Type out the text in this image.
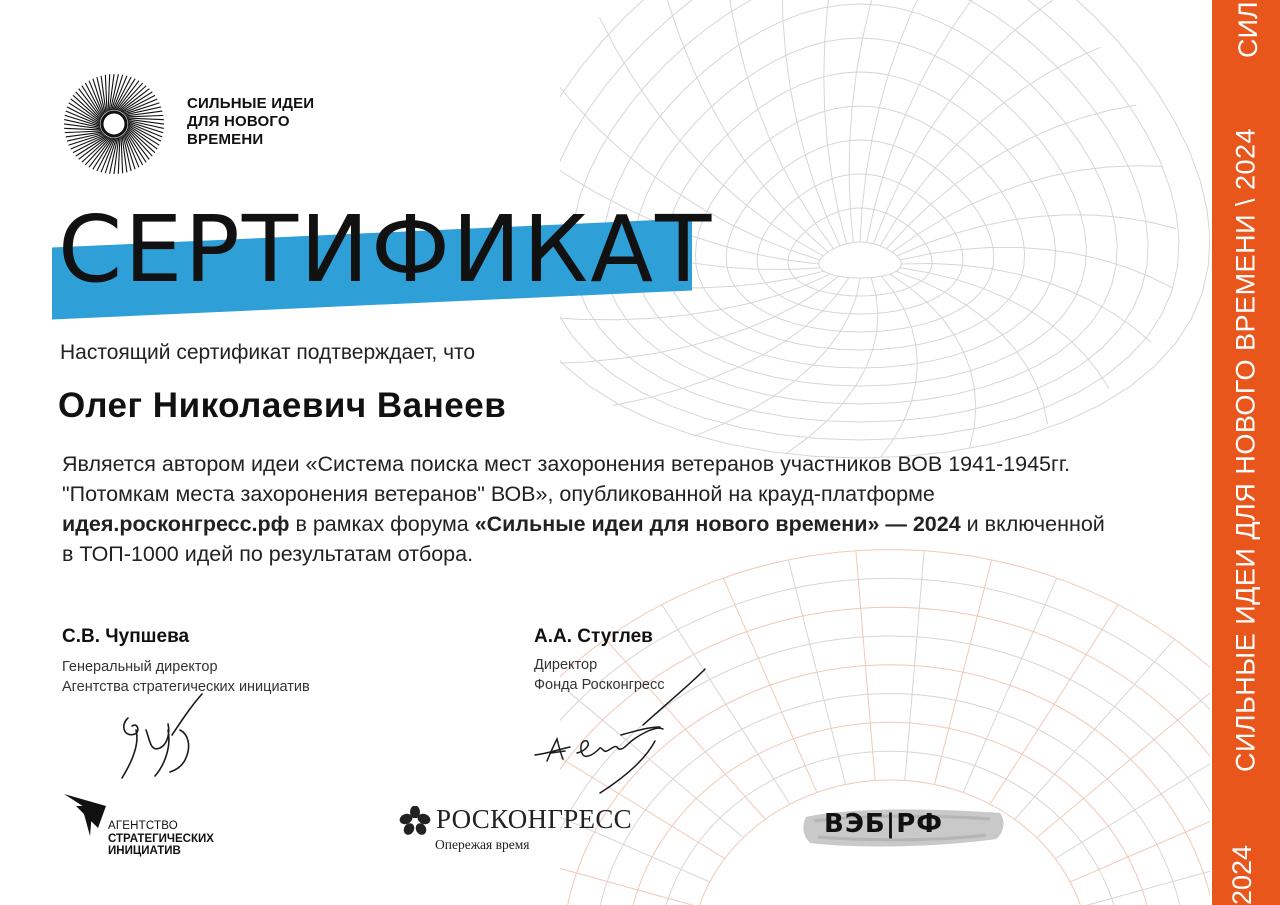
СИЛ
СИЛЬНЫЕ ИДЕИ ДЛЯ НОВОГО ВРЕМЕНИ \ 2024
2024
СИЛЬНЫЕ ИДЕИ
ДЛЯ НОВОГО
ВРЕМЕНИ
СЕРТИФИКАТ
Настоящий сертификат подтверждает, что
Олег Николаевич Ванеев
Является автором идеи «Система поиска мест захоронения ветеранов участников ВОВ 1941-1945гг. "Потомкам места захоронения ветеранов" ВОВ», опубликованной на крауд-платформе идея.росконгресс.рф в рамках форума «Сильные идеи для нового времени» — 2024 и включенной в ТОП-1000 идей по результатам отбора.
С.В. Чупшева
Генеральный директор
Агентства стратегических инициатив
А.А. Стуглев
Директор
Фонда Росконгресс
АГЕНТСТВО
СТРАТЕГИЧЕСКИХ
ИНИЦИАТИВ
РОСКОНГРЕСС
Опережая время
ВЭБ|РФ
